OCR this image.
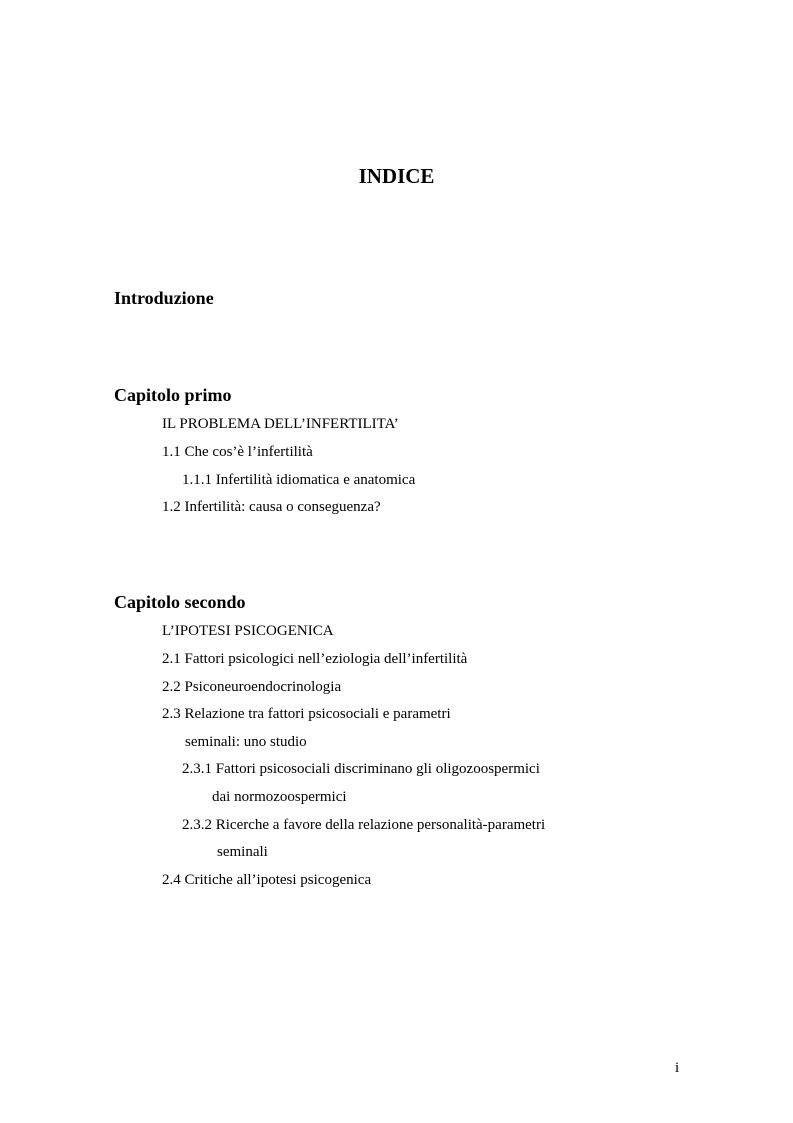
INDICE
Introduzione
Capitolo primo

IL PROBLEMA DELL’INFERTILITA’

1.1 Che cos’è l’infertilità

1.1.1 Infertilità idiomatica e anatomica

1.2 Infertilità: causa o conseguenza?

Capitolo secondo

L’IPOTESI PSICOGENICA

2.1 Fattori psicologici nell’eziologia dell’infertilità

2.2 Psiconeuroendocrinologia

2.3 Relazione tra fattori psicosociali e parametri

seminali: uno studio

2.3.1 Fattori psicosociali discriminano gli oligozoospermici

dai normozoospermici

2.3.2 Ricerche a favore della relazione personalità-parametri

seminali

2.4 Critiche all’ipotesi psicogenica

i
